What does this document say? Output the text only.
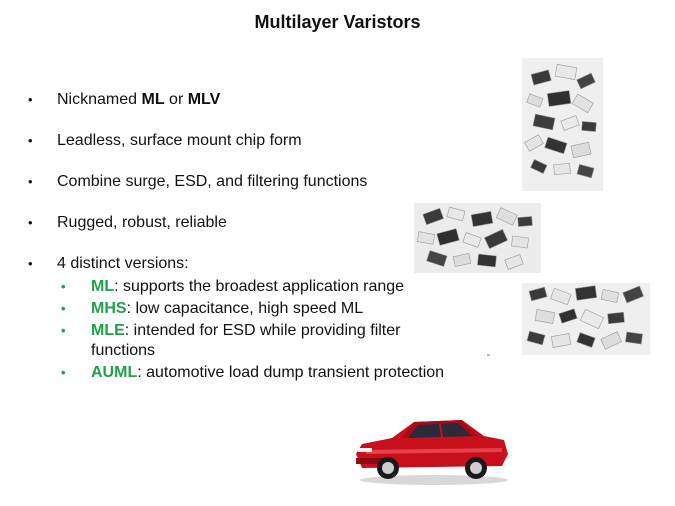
Multilayer Varistors
• Nicknamed ML or MLV
• Leadless, surface mount chip form
• Combine surge, ESD, and filtering functions
• Rugged, robust, reliable
• 4 distinct versions:
• ML: supports the broadest application range
• MHS: low capacitance, high speed ML
• MLE: intended for ESD while providing filter functions
• AUML: automotive load dump transient protection
